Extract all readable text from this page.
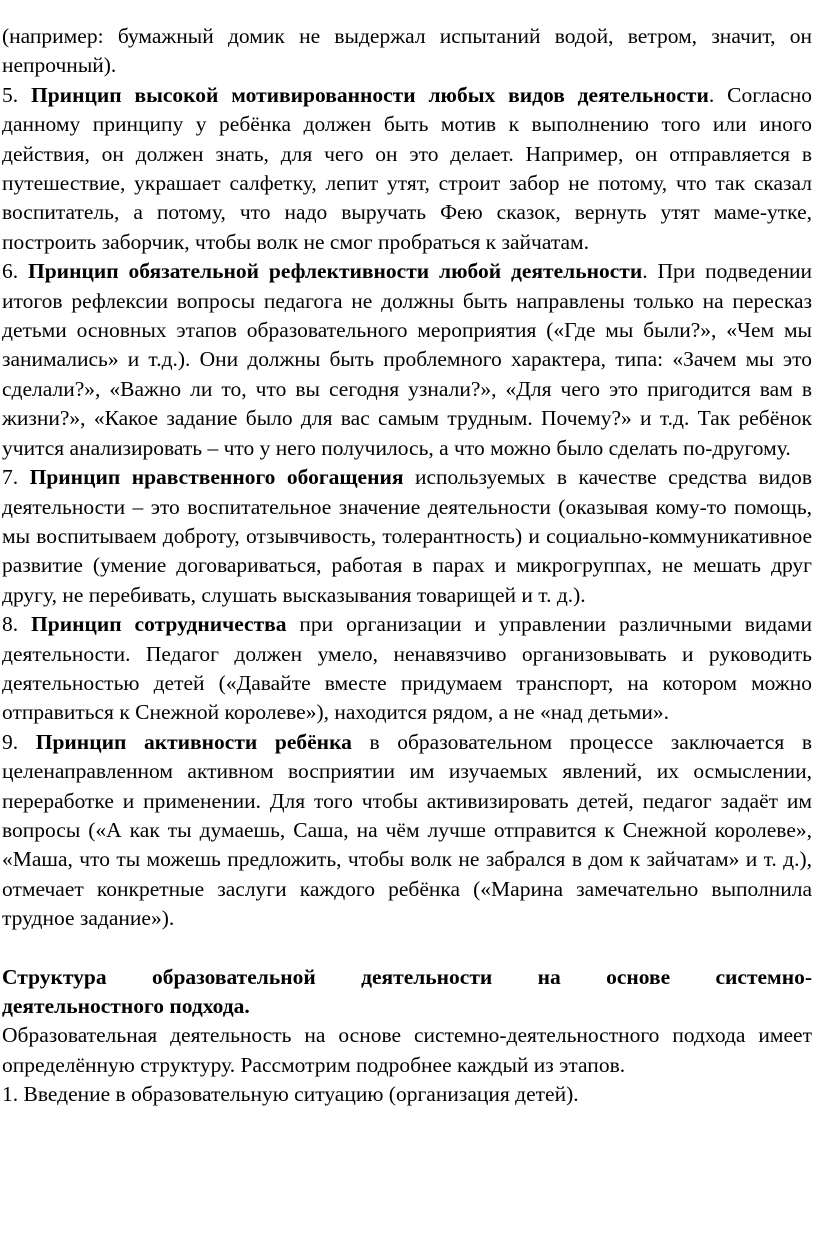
(например: бумажный домик не выдержал испытаний водой, ветром, значит, он непрочный).

5. Принцип высокой мотивированности любых видов деятельности. Согласно данному принципу у ребёнка должен быть мотив к выполнению того или иного действия, он должен знать, для чего он это делает. Например, он отправляется в путешествие, украшает салфетку, лепит утят, строит забор не потому, что так сказал воспитатель, а потому, что надо выручать Фею сказок, вернуть утят маме-утке, построить заборчик, чтобы волк не смог пробраться к зайчатам.

6. Принцип обязательной рефлективности любой деятельности. При подведении итогов рефлексии вопросы педагога не должны быть направлены только на пересказ детьми основных этапов образовательного мероприятия («Где мы были?», «Чем мы занимались» и т.д.). Они должны быть проблемного характера, типа: «Зачем мы это сделали?», «Важно ли то, что вы сегодня узнали?», «Для чего это пригодится вам в жизни?», «Какое задание было для вас самым трудным. Почему?» и т.д. Так ребёнок учится анализировать – что у него получилось, а что можно было сделать по-другому.

7. Принцип нравственного обогащения используемых в качестве средства видов деятельности – это воспитательное значение деятельности (оказывая кому-то помощь, мы воспитываем доброту, отзывчивость, толерантность) и социально-коммуникативное развитие (умение договариваться, работая в парах и микрогруппах, не мешать друг другу, не перебивать, слушать высказывания товарищей и т. д.).

8. Принцип сотрудничества при организации и управлении различными видами деятельности. Педагог должен умело, ненавязчиво организовывать и руководить деятельностью детей («Давайте вместе придумаем транспорт, на котором можно отправиться к Снежной королеве»), находится рядом, а не «над детьми».

9. Принцип активности ребёнка в образовательном процессе заключается в целенаправленном активном восприятии им изучаемых явлений, их осмыслении, переработке и применении. Для того чтобы активизировать детей, педагог задаёт им вопросы («А как ты думаешь, Саша, на чём лучше отправится к Снежной королеве», «Маша, что ты можешь предложить, чтобы волк не забрался в дом к зайчатам» и т. д.), отмечает конкретные заслуги каждого ребёнка («Марина замечательно выполнила трудное задание»).

Структура образовательной деятельности на основе системно-
деятельностного подхода.

Образовательная деятельность на основе системно-деятельностного подхода имеет определённую структуру. Рассмотрим подробнее каждый из этапов.

1. Введение в образовательную ситуацию (организация детей).
